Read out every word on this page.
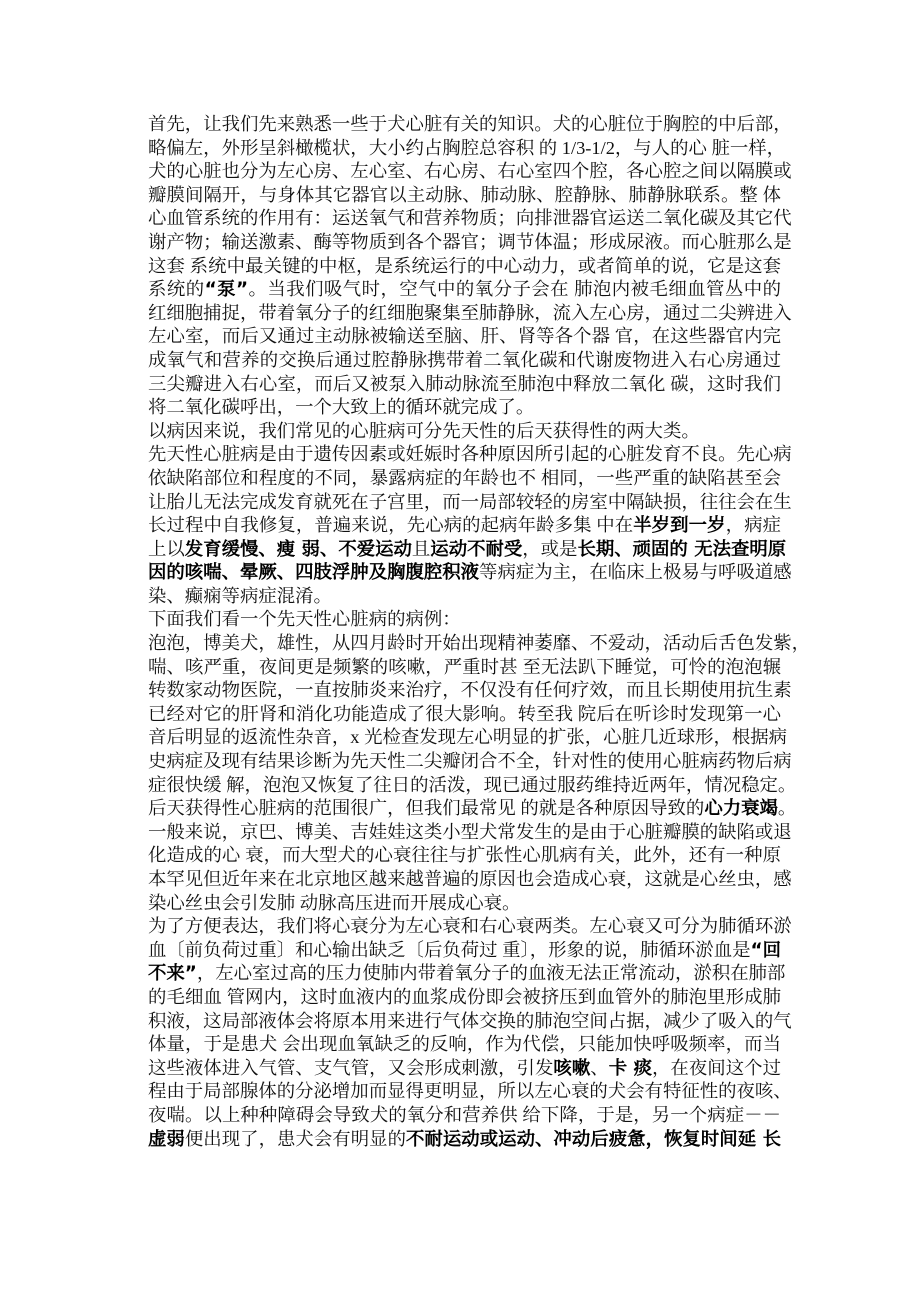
首先，让我们先来熟悉一些于犬心脏有关的知识。犬的心脏位于胸腔的中后部，
略偏左，外形呈斜橄榄状，大小约占胸腔总容积 的 1/3-1/2，与人的心 脏一样，
犬的心脏也分为左心房、左心室、右心房、右心室四个腔，各心腔之间以隔膜或
瓣膜间隔开，与身体其它器官以主动脉、肺动脉、腔静脉、肺静脉联系。整 体
心血管系统的作用有：运送氧气和营养物质；向排泄器官运送二氧化碳及其它代
谢产物；输送激素、酶等物质到各个器官；调节体温；形成尿液。而心脏那么是
这套 系统中最关键的中枢，是系统运行的中心动力，或者简单的说，它是这套
系统的“泵”。当我们吸气时，空气中的氧分子会在 肺泡内被毛细血管丛中的
红细胞捕捉，带着氧分子的红细胞聚集至肺静脉，流入左心房，通过二尖辨进入
左心室，而后又通过主动脉被输送至脑、肝、肾等各个器 官，在这些器官内完
成氧气和营养的交换后通过腔静脉携带着二氧化碳和代谢废物进入右心房通过
三尖瓣进入右心室，而后又被泵入肺动脉流至肺泡中释放二氧化 碳，这时我们
将二氧化碳呼出，一个大致上的循环就完成了。
以病因来说，我们常见的心脏病可分先天性的后天获得性的两大类。
先天性心脏病是由于遗传因素或妊娠时各种原因所引起的心脏发育不良。先心病
依缺陷部位和程度的不同，暴露病症的年龄也不 相同，一些严重的缺陷甚至会
让胎儿无法完成发育就死在子宫里，而一局部较轻的房室中隔缺损，往往会在生
长过程中自我修复，普遍来说，先心病的起病年龄多集 中在半岁到一岁，病症
上以发育缓慢、瘦 弱、不爱运动且运动不耐受，或是长期、顽固的 无法查明原
因的咳喘、晕厥、四肢浮肿及胸腹腔积液等病症为主，在临床上极易与呼吸道感
染、癫痫等病症混淆。
下面我们看一个先天性心脏病的病例：
泡泡，博美犬，雄性，从四月龄时开始出现精神萎靡、不爱动，活动后舌色发紫，
喘、咳严重，夜间更是频繁的咳嗽，严重时甚 至无法趴下睡觉，可怜的泡泡辗
转数家动物医院，一直按肺炎来治疗，不仅没有任何疗效，而且长期使用抗生素
已经对它的肝肾和消化功能造成了很大影响。转至我 院后在听诊时发现第一心
音后明显的返流性杂音，x 光检查发现左心明显的扩张，心脏几近球形，根据病
史病症及现有结果诊断为先天性二尖瓣闭合不全，针对性的使用心脏病药物后病
症很快缓 解，泡泡又恢复了往日的活泼，现已通过服药维持近两年，情况稳定。
后天获得性心脏病的范围很广，但我们最常见 的就是各种原因导致的心力衰竭。
一般来说，京巴、博美、吉娃娃这类小型犬常发生的是由于心脏瓣膜的缺陷或退
化造成的心 衰，而大型犬的心衰往往与扩张性心肌病有关，此外，还有一种原
本罕见但近年来在北京地区越来越普遍的原因也会造成心衰，这就是心丝虫，感
染心丝虫会引发肺 动脉高压进而开展成心衰。
为了方便表达，我们将心衰分为左心衰和右心衰两类。左心衰又可分为肺循环淤
血〔前负荷过重〕和心输出缺乏〔后负荷过 重〕，形象的说，肺循环淤血是“回
不来”，左心室过高的压力使肺内带着氧分子的血液无法正常流动，淤积在肺部
的毛细血 管网内，这时血液内的血浆成份即会被挤压到血管外的肺泡里形成肺
积液，这局部液体会将原本用来进行气体交换的肺泡空间占据，减少了吸入的气
体量，于是患犬 会出现血氧缺乏的反响，作为代偿，只能加快呼吸频率，而当
这些液体进入气管、支气管，又会形成刺激，引发咳嗽、卡 痰，在夜间这个过
程由于局部腺体的分泌增加而显得更明显，所以左心衰的犬会有特征性的夜咳、
夜喘。以上种种障碍会导致犬的氧分和营养供 给下降，于是，另一个病症－－
虚弱便出现了，患犬会有明显的不耐运动或运动、冲动后疲惫，恢复时间延 长
